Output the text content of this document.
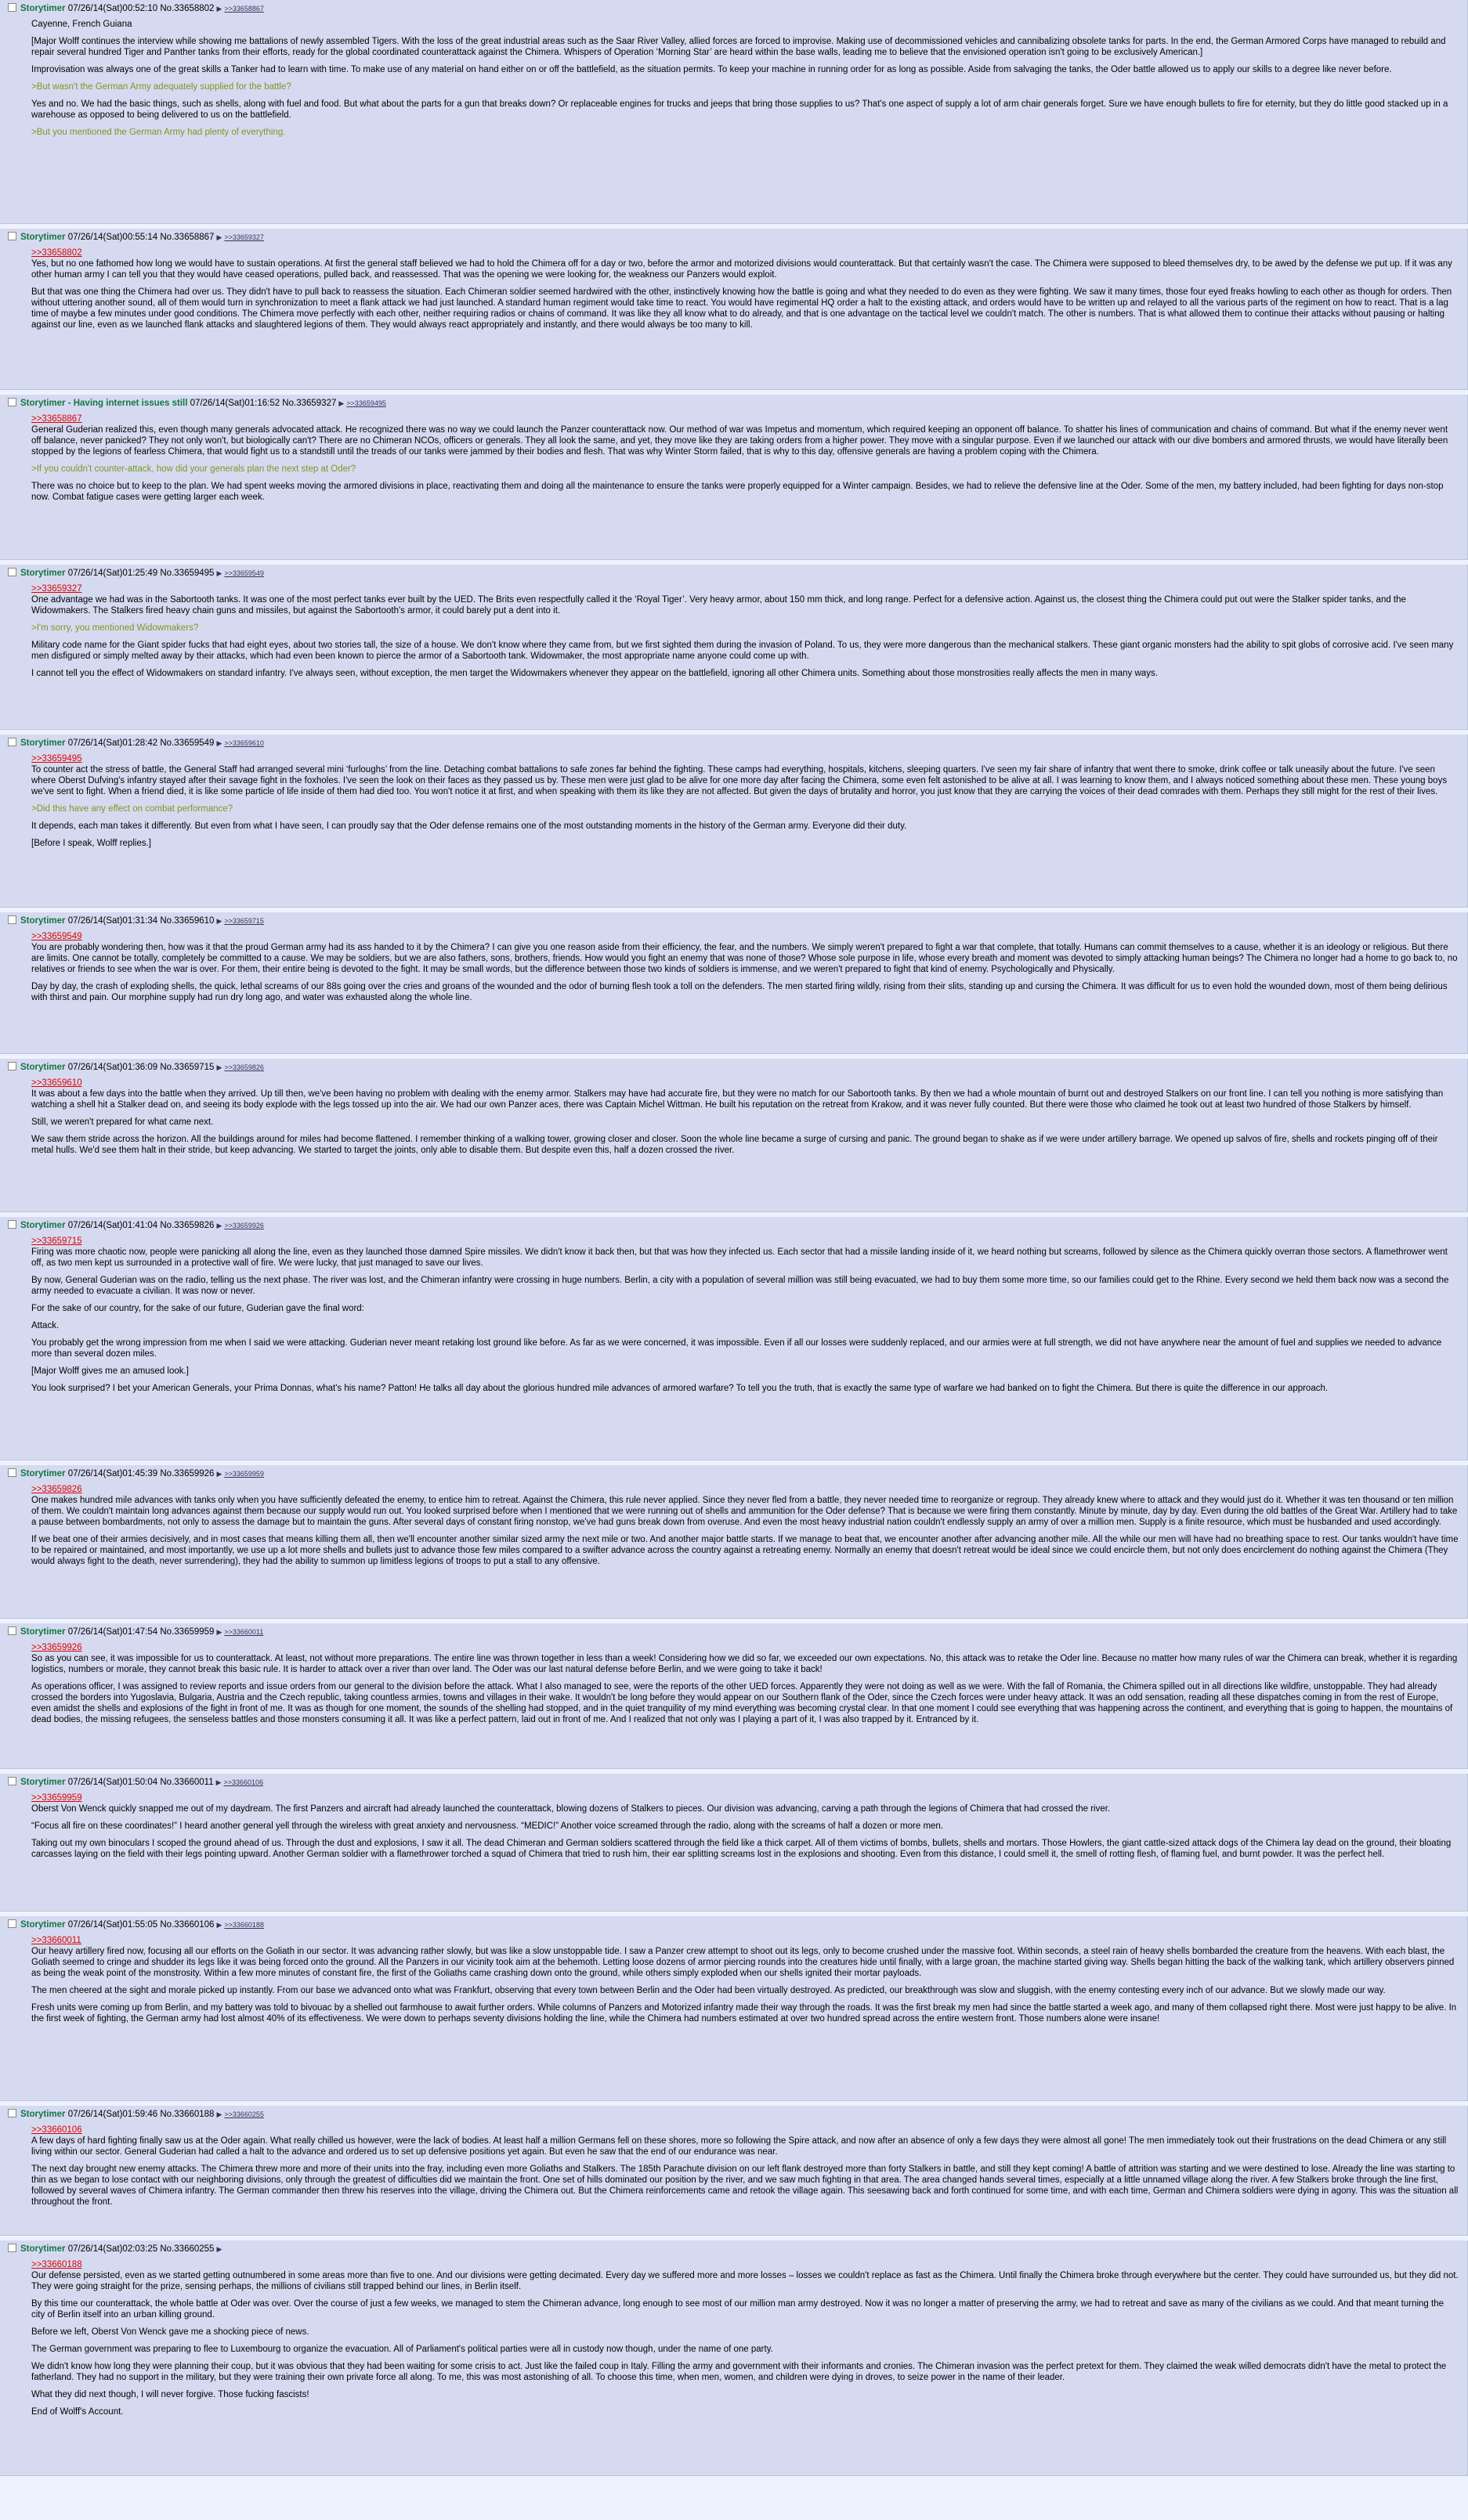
Storytimer 07/26/14(Sat)00:52:10 No.33658802 ▶ >>33658867

Cayenne, French Guiana

[Major Wolff continues the interview while showing me battalions of newly assembled Tigers. With the loss of the great industrial areas such as the Saar River Valley, allied forces are forced to improvise. Making use of decommissioned vehicles and cannibalizing obsolete tanks for parts. In the end, the German Armored Corps have managed to rebuild and repair several hundred Tiger and Panther tanks from their efforts, ready for the global coordinated counterattack against the Chimera. Whispers of Operation ‘Morning Star’ are heard within the base walls, leading me to believe that the envisioned operation isn't going to be exclusively American.]

Improvisation was always one of the great skills a Tanker had to learn with time. To make use of any material on hand either on or off the battlefield, as the situation permits. To keep your machine in running order for as long as possible. Aside from salvaging the tanks, the Oder battle allowed us to apply our skills to a degree like never before.

>But wasn't the German Army adequately supplied for the battle?

Yes and no. We had the basic things, such as shells, along with fuel and food. But what about the parts for a gun that breaks down? Or replaceable engines for trucks and jeeps that bring those supplies to us? That's one aspect of supply a lot of arm chair generals forget. Sure we have enough bullets to fire for eternity, but they do little good stacked up in a warehouse as opposed to being delivered to us on the battlefield.

>But you mentioned the German Army had plenty of everything.

Storytimer 07/26/14(Sat)00:55:14 No.33658867 ▶ >>33659327
>>33658802

Yes, but no one fathomed how long we would have to sustain operations. At first the general staff believed we had to hold the Chimera off for a day or two, before the armor and motorized divisions would counterattack. But that certainly wasn't the case. The Chimera were supposed to bleed themselves dry, to be awed by the defense we put up. If it was any other human army I can tell you that they would have ceased operations, pulled back, and reassessed. That was the opening we were looking for, the weakness our Panzers would exploit.

But that was one thing the Chimera had over us. They didn't have to pull back to reassess the situation. Each Chimeran soldier seemed hardwired with the other, instinctively knowing how the battle is going and what they needed to do even as they were fighting. We saw it many times, those four eyed freaks howling to each other as though for orders. Then without uttering another sound, all of them would turn in synchronization to meet a flank attack we had just launched. A standard human regiment would take time to react. You would have regimental HQ order a halt to the existing attack, and orders would have to be written up and relayed to all the various parts of the regiment on how to react. That is a lag time of maybe a few minutes under good conditions. The Chimera move perfectly with each other, neither requiring radios or chains of command. It was like they all know what to do already, and that is one advantage on the tactical level we couldn't match. The other is numbers. That is what allowed them to continue their attacks without pausing or halting against our line, even as we launched flank attacks and slaughtered legions of them. They would always react appropriately and instantly, and there would always be too many to kill.

Storytimer - Having internet issues still 07/26/14(Sat)01:16:52 No.33659327 ▶ >>33659495
>>33658867

General Guderian realized this, even though many generals advocated attack. He recognized there was no way we could launch the Panzer counterattack now. Our method of war was Impetus and momentum, which required keeping an opponent off balance. To shatter his lines of communication and chains of command. But what if the enemy never went off balance, never panicked? They not only won't, but biologically can't? There are no Chimeran NCOs, officers or generals. They all look the same, and yet, they move like they are taking orders from a higher power. They move with a singular purpose. Even if we launched our attack with our dive bombers and armored thrusts, we would have literally been stopped by the legions of fearless Chimera, that would fight us to a standstill until the treads of our tanks were jammed by their bodies and flesh. That was why Winter Storm failed, that is why to this day, offensive generals are having a problem coping with the Chimera.

>If you couldn't counter-attack, how did your generals plan the next step at Oder?

There was no choice but to keep to the plan. We had spent weeks moving the armored divisions in place, reactivating them and doing all the maintenance to ensure the tanks were properly equipped for a Winter campaign. Besides, we had to relieve the defensive line at the Oder. Some of the men, my battery included, had been fighting for days non-stop now. Combat fatigue cases were getting larger each week.

Storytimer 07/26/14(Sat)01:25:49 No.33659495 ▶ >>33659549
>>33659327

One advantage we had was in the Sabortooth tanks. It was one of the most perfect tanks ever built by the UED. The Brits even respectfully called it the ‘Royal Tiger’. Very heavy armor, about 150 mm thick, and long range. Perfect for a defensive action. Against us, the closest thing the Chimera could put out were the Stalker spider tanks, and the Widowmakers. The Stalkers fired heavy chain guns and missiles, but against the Sabortooth's armor, it could barely put a dent into it.

>I'm sorry, you mentioned Widowmakers?

Military code name for the Giant spider fucks that had eight eyes, about two stories tall, the size of a house. We don't know where they came from, but we first sighted them during the invasion of Poland. To us, they were more dangerous than the mechanical stalkers. These giant organic monsters had the ability to spit globs of corrosive acid. I've seen many men disfigured or simply melted away by their attacks, which had even been known to pierce the armor of a Sabortooth tank. Widowmaker, the most appropriate name anyone could come up with.

I cannot tell you the effect of Widowmakers on standard infantry. I've always seen, without exception, the men target the Widowmakers whenever they appear on the battlefield, ignoring all other Chimera units. Something about those monstrosities really affects the men in many ways.

Storytimer 07/26/14(Sat)01:28:42 No.33659549 ▶ >>33659610
>>33659495

To counter act the stress of battle, the General Staff had arranged several mini ‘furloughs’ from the line. Detaching combat battalions to safe zones far behind the fighting. These camps had everything, hospitals, kitchens, sleeping quarters. I've seen my fair share of infantry that went there to smoke, drink coffee or talk uneasily about the future. I've seen where Oberst Dufving's infantry stayed after their savage fight in the foxholes. I've seen the look on their faces as they passed us by. These men were just glad to be alive for one more day after facing the Chimera, some even felt astonished to be alive at all. I was learning to know them, and I always noticed something about these men. These young boys we've sent to fight. When a friend died, it is like some particle of life inside of them had died too. You won't notice it at first, and when speaking with them its like they are not affected. But given the days of brutality and horror, you just know that they are carrying the voices of their dead comrades with them. Perhaps they still might for the rest of their lives.

>Did this have any effect on combat performance?

It depends, each man takes it differently. But even from what I have seen, I can proudly say that the Oder defense remains one of the most outstanding moments in the history of the German army. Everyone did their duty.

[Before I speak, Wolff replies.]

Storytimer 07/26/14(Sat)01:31:34 No.33659610 ▶ >>33659715
>>33659549

You are probably wondering then, how was it that the proud German army had its ass handed to it by the Chimera? I can give you one reason aside from their efficiency, the fear, and the numbers. We simply weren't prepared to fight a war that complete, that totally. Humans can commit themselves to a cause, whether it is an ideology or religious. But there are limits. One cannot be totally, completely be committed to a cause. We may be soldiers, but we are also fathers, sons, brothers, friends. How would you fight an enemy that was none of those? Whose sole purpose in life, whose every breath and moment was devoted to simply attacking human beings? The Chimera no longer had a home to go back to, no relatives or friends to see when the war is over. For them, their entire being is devoted to the fight. It may be small words, but the difference between those two kinds of soldiers is immense, and we weren't prepared to fight that kind of enemy. Psychologically and Physically.

Day by day, the crash of exploding shells, the quick, lethal screams of our 88s going over the cries and groans of the wounded and the odor of burning flesh took a toll on the defenders. The men started firing wildly, rising from their slits, standing up and cursing the Chimera. It was difficult for us to even hold the wounded down, most of them being delirious with thirst and pain. Our morphine supply had run dry long ago, and water was exhausted along the whole line.

Storytimer 07/26/14(Sat)01:36:09 No.33659715 ▶ >>33659826
>>33659610

It was about a few days into the battle when they arrived. Up till then, we've been having no problem with dealing with the enemy armor. Stalkers may have had accurate fire, but they were no match for our Sabortooth tanks. By then we had a whole mountain of burnt out and destroyed Stalkers on our front line. I can tell you nothing is more satisfying than watching a shell hit a Stalker dead on, and seeing its body explode with the legs tossed up into the air. We had our own Panzer aces, there was Captain Michel Wittman. He built his reputation on the retreat from Krakow, and it was never fully counted. But there were those who claimed he took out at least two hundred of those Stalkers by himself.

Still, we weren't prepared for what came next.

We saw them stride across the horizon. All the buildings around for miles had become flattened. I remember thinking of a walking tower, growing closer and closer. Soon the whole line became a surge of cursing and panic. The ground began to shake as if we were under artillery barrage. We opened up salvos of fire, shells and rockets pinging off of their metal hulls. We'd see them halt in their stride, but keep advancing. We started to target the joints, only able to disable them. But despite even this, half a dozen crossed the river.

Storytimer 07/26/14(Sat)01:41:04 No.33659826 ▶ >>33659926
>>33659715

Firing was more chaotic now, people were panicking all along the line, even as they launched those damned Spire missiles. We didn't know it back then, but that was how they infected us. Each sector that had a missile landing inside of it, we heard nothing but screams, followed by silence as the Chimera quickly overran those sectors. A flamethrower went off, as two men kept us surrounded in a protective wall of fire. We were lucky, that just managed to save our lives.

By now, General Guderian was on the radio, telling us the next phase. The river was lost, and the Chimeran infantry were crossing in huge numbers. Berlin, a city with a population of several million was still being evacuated, we had to buy them some more time, so our families could get to the Rhine. Every second we held them back now was a second the army needed to evacuate a civilian. It was now or never.

For the sake of our country, for the sake of our future, Guderian gave the final word:

Attack.

You probably get the wrong impression from me when I said we were attacking. Guderian never meant retaking lost ground like before. As far as we were concerned, it was impossible. Even if all our losses were suddenly replaced, and our armies were at full strength, we did not have anywhere near the amount of fuel and supplies we needed to advance more than several dozen miles.

[Major Wolff gives me an amused look.]

You look surprised? I bet your American Generals, your Prima Donnas, what's his name? Patton! He talks all day about the glorious hundred mile advances of armored warfare? To tell you the truth, that is exactly the same type of warfare we had banked on to fight the Chimera. But there is quite the difference in our approach.

Storytimer 07/26/14(Sat)01:45:39 No.33659926 ▶ >>33659959
>>33659826

One makes hundred mile advances with tanks only when you have sufficiently defeated the enemy, to entice him to retreat. Against the Chimera, this rule never applied. Since they never fled from a battle, they never needed time to reorganize or regroup. They already knew where to attack and they would just do it. Whether it was ten thousand or ten million of them. We couldn't maintain long advances against them because our supply would run out. You looked surprised before when I mentioned that we were running out of shells and ammunition for the Oder defense? That is because we were firing them constantly. Minute by minute, day by day. Even during the old battles of the Great War. Artillery had to take a pause between bombardments, not only to assess the damage but to maintain the guns. After several days of constant firing nonstop, we've had guns break down from overuse. And even the most heavy industrial nation couldn't endlessly supply an army of over a million men. Supply is a finite resource, which must be husbanded and used accordingly.

If we beat one of their armies decisively, and in most cases that means killing them all, then we'll encounter another similar sized army the next mile or two. And another major battle starts. If we manage to beat that, we encounter another after advancing another mile. All the while our men will have had no breathing space to rest. Our tanks wouldn't have time to be repaired or maintained, and most importantly, we use up a lot more shells and bullets just to advance those few miles compared to a swifter advance across the country against a retreating enemy. Normally an enemy that doesn't retreat would be ideal since we could encircle them, but not only does encirclement do nothing against the Chimera (They would always fight to the death, never surrendering), they had the ability to summon up limitless legions of troops to put a stall to any offensive.

Storytimer 07/26/14(Sat)01:47:54 No.33659959 ▶ >>33660011
>>33659926

So as you can see, it was impossible for us to counterattack. At least, not without more preparations. The entire line was thrown together in less than a week! Considering how we did so far, we exceeded our own expectations. No, this attack was to retake the Oder line. Because no matter how many rules of war the Chimera can break, whether it is regarding logistics, numbers or morale, they cannot break this basic rule. It is harder to attack over a river than over land. The Oder was our last natural defense before Berlin, and we were going to take it back!

As operations officer, I was assigned to review reports and issue orders from our general to the division before the attack. What I also managed to see, were the reports of the other UED forces. Apparently they were not doing as well as we were. With the fall of Romania, the Chimera spilled out in all directions like wildfire, unstoppable. They had already crossed the borders into Yugoslavia, Bulgaria, Austria and the Czech republic, taking countless armies, towns and villages in their wake. It wouldn't be long before they would appear on our Southern flank of the Oder, since the Czech forces were under heavy attack. It was an odd sensation, reading all these dispatches coming in from the rest of Europe, even amidst the shells and explosions of the fight in front of me. It was as though for one moment, the sounds of the shelling had stopped, and in the quiet tranquility of my mind everything was becoming crystal clear. In that one moment I could see everything that was happening across the continent, and everything that is going to happen, the mountains of dead bodies, the missing refugees, the senseless battles and those monsters consuming it all. It was like a perfect pattern, laid out in front of me. And I realized that not only was I playing a part of it, I was also trapped by it. Entranced by it.

Storytimer 07/26/14(Sat)01:50:04 No.33660011 ▶ >>33660106
>>33659959

Oberst Von Wenck quickly snapped me out of my daydream. The first Panzers and aircraft had already launched the counterattack, blowing dozens of Stalkers to pieces. Our division was advancing, carving a path through the legions of Chimera that had crossed the river.

“Focus all fire on these coordinates!” I heard another general yell through the wireless with great anxiety and nervousness. “MEDIC!” Another voice screamed through the radio, along with the screams of half a dozen or more men.

Taking out my own binoculars I scoped the ground ahead of us. Through the dust and explosions, I saw it all. The dead Chimeran and German soldiers scattered through the field like a thick carpet. All of them victims of bombs, bullets, shells and mortars. Those Howlers, the giant cattle-sized attack dogs of the Chimera lay dead on the ground, their bloating carcasses laying on the field with their legs pointing upward. Another German soldier with a flamethrower torched a squad of Chimera that tried to rush him, their ear splitting screams lost in the explosions and shooting. Even from this distance, I could smell it, the smell of rotting flesh, of flaming fuel, and burnt powder. It was the perfect hell.

Storytimer 07/26/14(Sat)01:55:05 No.33660106 ▶ >>33660188
>>33660011

Our heavy artillery fired now, focusing all our efforts on the Goliath in our sector. It was advancing rather slowly, but was like a slow unstoppable tide. I saw a Panzer crew attempt to shoot out its legs, only to become crushed under the massive foot. Within seconds, a steel rain of heavy shells bombarded the creature from the heavens. With each blast, the Goliath seemed to cringe and shudder its legs like it was being forced onto the ground. All the Panzers in our vicinity took aim at the behemoth. Letting loose dozens of armor piercing rounds into the creatures hide until finally, with a large groan, the machine started giving way. Shells began hitting the back of the walking tank, which artillery observers pinned as being the weak point of the monstrosity. Within a few more minutes of constant fire, the first of the Goliaths came crashing down onto the ground, while others simply exploded when our shells ignited their mortar payloads.

The men cheered at the sight and morale picked up instantly. From our base we advanced onto what was Frankfurt, observing that every town between Berlin and the Oder had been virtually destroyed. As predicted, our breakthrough was slow and sluggish, with the enemy contesting every inch of our advance. But we slowly made our way.

Fresh units were coming up from Berlin, and my battery was told to bivouac by a shelled out farmhouse to await further orders. While columns of Panzers and Motorized infantry made their way through the roads. It was the first break my men had since the battle started a week ago, and many of them collapsed right there. Most were just happy to be alive. In the first week of fighting, the German army had lost almost 40% of its effectiveness. We were down to perhaps seventy divisions holding the line, while the Chimera had numbers estimated at over two hundred spread across the entire western front. Those numbers alone were insane!

Storytimer 07/26/14(Sat)01:59:46 No.33660188 ▶ >>33660255
>>33660106

A few days of hard fighting finally saw us at the Oder again. What really chilled us however, were the lack of bodies. At least half a million Germans fell on these shores, more so following the Spire attack, and now after an absence of only a few days they were almost all gone! The men immediately took out their frustrations on the dead Chimera or any still living within our sector. General Guderian had called a halt to the advance and ordered us to set up defensive positions yet again. But even he saw that the end of our endurance was near.

The next day brought new enemy attacks. The Chimera threw more and more of their units into the fray, including even more Goliaths and Stalkers. The 185th Parachute division on our left flank destroyed more than forty Stalkers in battle, and still they kept coming! A battle of attrition was starting and we were destined to lose. Already the line was starting to thin as we began to lose contact with our neighboring divisions, only through the greatest of difficulties did we maintain the front. One set of hills dominated our position by the river, and we saw much fighting in that area. The area changed hands several times, especially at a little unnamed village along the river. A few Stalkers broke through the line first, followed by several waves of Chimera infantry. The German commander then threw his reserves into the village, driving the Chimera out. But the Chimera reinforcements came and retook the village again. This seesawing back and forth continued for some time, and with each time, German and Chimera soldiers were dying in agony. This was the situation all throughout the front.

Storytimer 07/26/14(Sat)02:03:25 No.33660255 ▶
>>33660188

Our defense persisted, even as we started getting outnumbered in some areas more than five to one. And our divisions were getting decimated. Every day we suffered more and more losses – losses we couldn't replace as fast as the Chimera. Until finally the Chimera broke through everywhere but the center. They could have surrounded us, but they did not. They were going straight for the prize, sensing perhaps, the millions of civilians still trapped behind our lines, in Berlin itself.

By this time our counterattack, the whole battle at Oder was over. Over the course of just a few weeks, we managed to stem the Chimeran advance, long enough to see most of our million man army destroyed. Now it was no longer a matter of preserving the army, we had to retreat and save as many of the civilians as we could. And that meant turning the city of Berlin itself into an urban killing ground.

Before we left, Oberst Von Wenck gave me a shocking piece of news.

The German government was preparing to flee to Luxembourg to organize the evacuation. All of Parliament's political parties were all in custody now though, under the name of one party.

We didn't know how long they were planning their coup, but it was obvious that they had been waiting for some crisis to act. Just like the failed coup in Italy. Filling the army and government with their informants and cronies. The Chimeran invasion was the perfect pretext for them. They claimed the weak willed democrats didn't have the metal to protect the fatherland. They had no support in the military, but they were training their own private force all along. To me, this was most astonishing of all. To choose this time, when men, women, and children were dying in droves, to seize power in the name of their leader.

What they did next though, I will never forgive. Those fucking fascists!

End of Wolff's Account.
